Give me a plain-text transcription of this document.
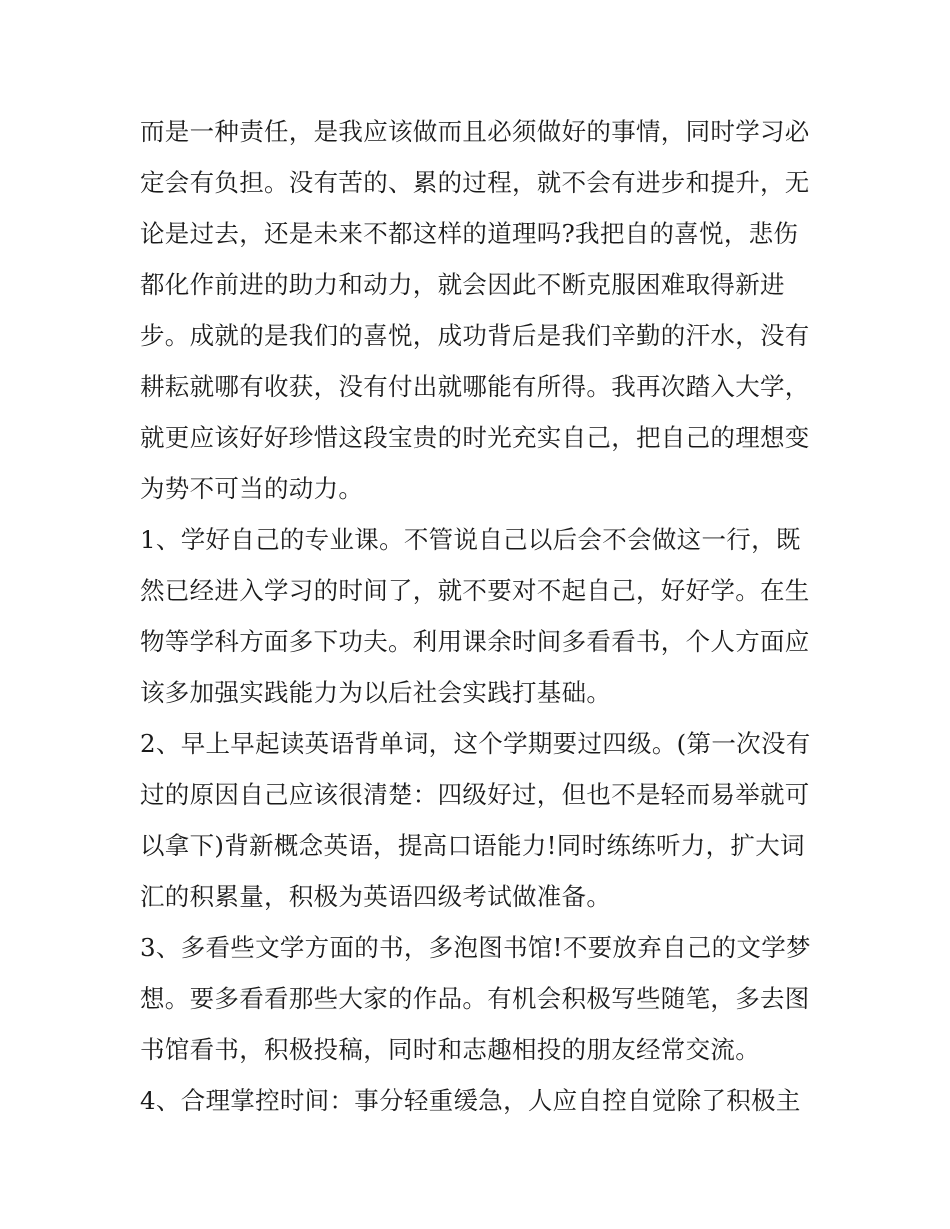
而是一种责任，是我应该做而且必须做好的事情，同时学习必
定会有负担。没有苦的、累的过程，就不会有进步和提升，无
论是过去，还是未来不都这样的道理吗?我把自的喜悦，悲伤
都化作前进的助力和动力，就会因此不断克服困难取得新进
步。成就的是我们的喜悦，成功背后是我们辛勤的汗水，没有
耕耘就哪有收获，没有付出就哪能有所得。我再次踏入大学，
就更应该好好珍惜这段宝贵的时光充实自己，把自己的理想变
为势不可当的动力。
1、学好自己的专业课。不管说自己以后会不会做这一行，既
然已经进入学习的时间了，就不要对不起自己，好好学。在生
物等学科方面多下功夫。利用课余时间多看看书，个人方面应
该多加强实践能力为以后社会实践打基础。
2、早上早起读英语背单词，这个学期要过四级。(第一次没有
过的原因自己应该很清楚：四级好过，但也不是轻而易举就可
以拿下)背新概念英语，提高口语能力!同时练练听力，扩大词
汇的积累量，积极为英语四级考试做准备。
3、多看些文学方面的书，多泡图书馆!不要放弃自己的文学梦
想。要多看看那些大家的作品。有机会积极写些随笔，多去图
书馆看书，积极投稿，同时和志趣相投的朋友经常交流。
4、合理掌控时间：事分轻重缓急，人应自控自觉除了积极主
